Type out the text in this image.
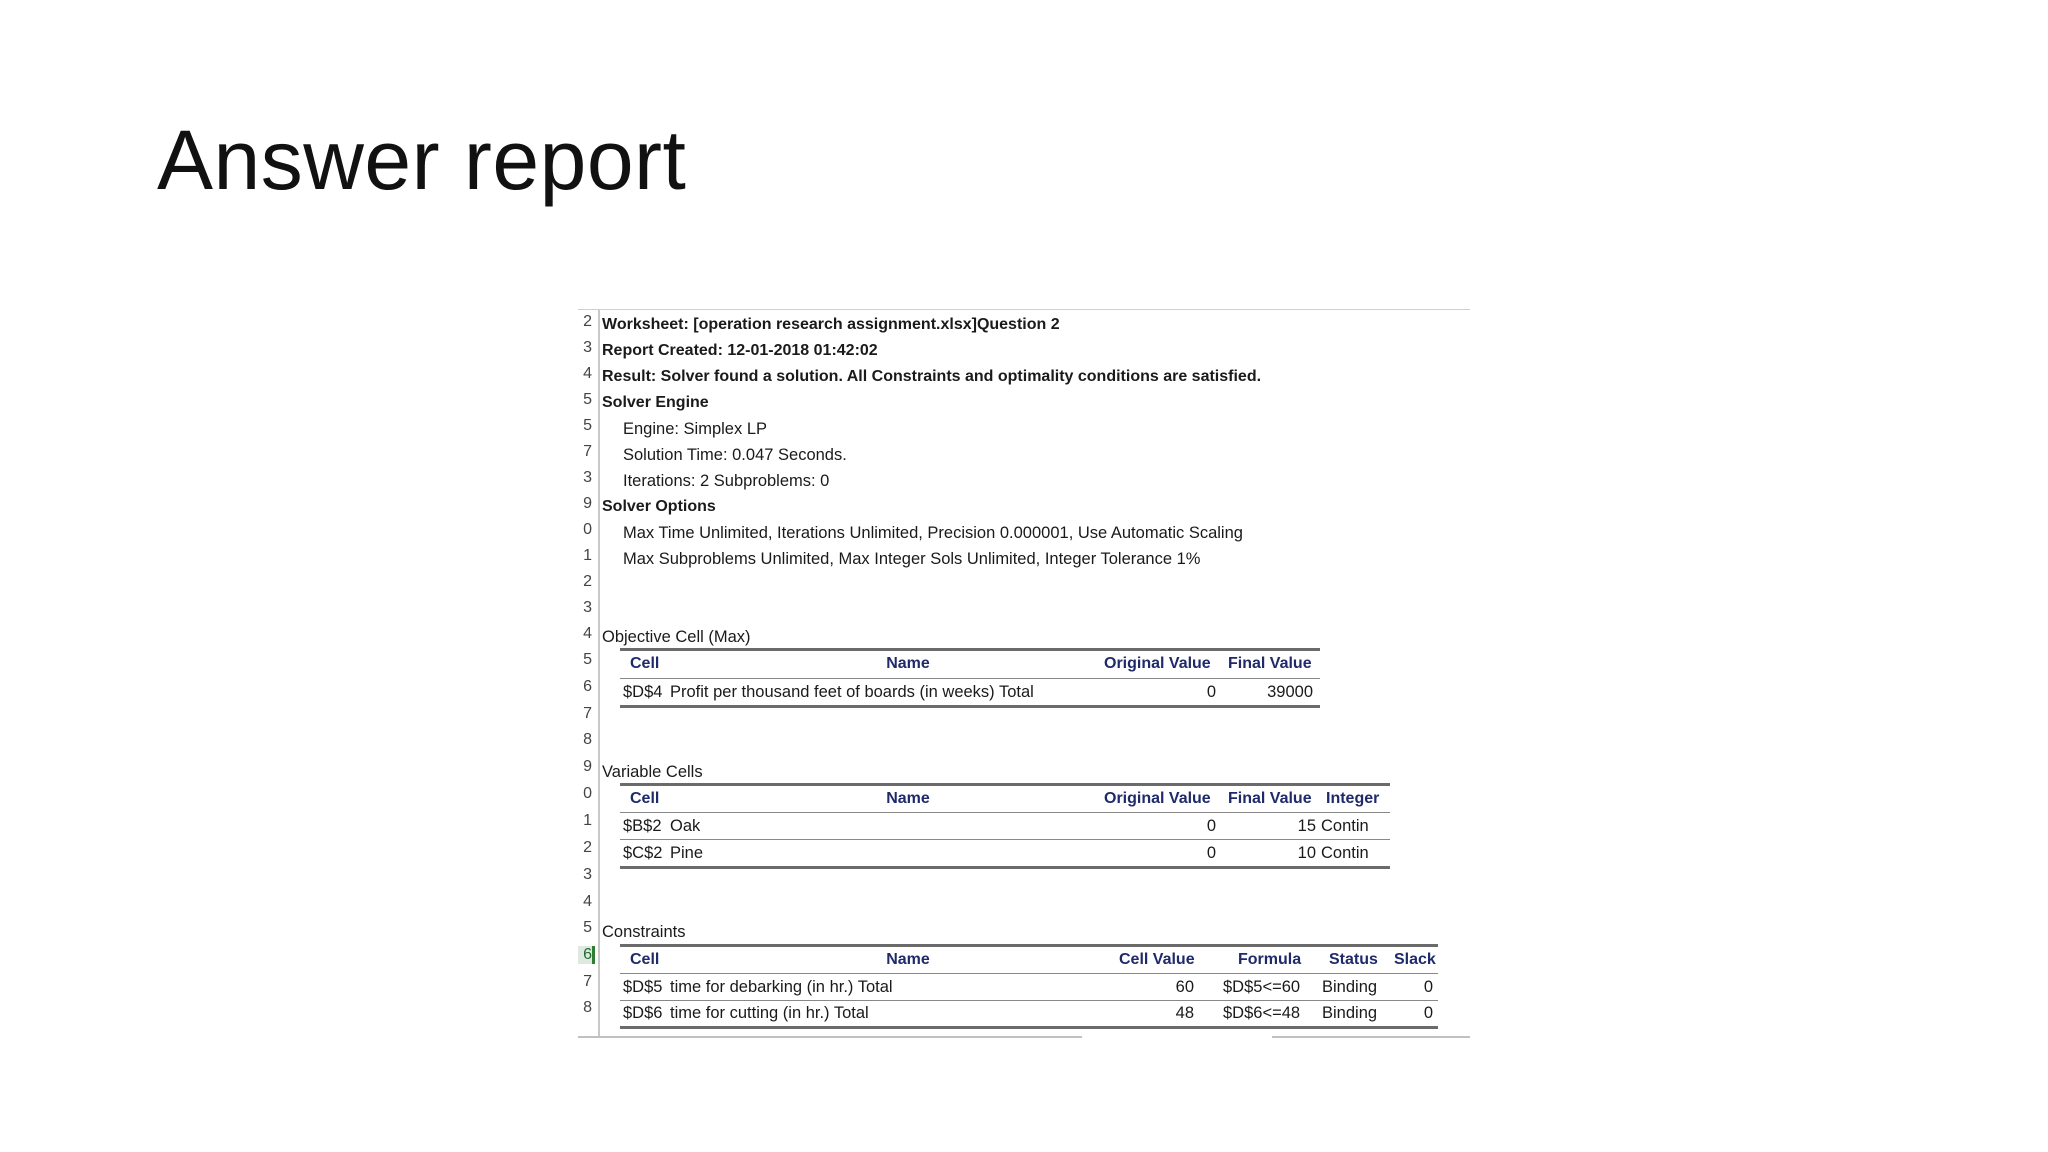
Answer report
2
3
4
5
5
7
3
9
0
1
2
3
4
5
6
7
8
9
0
1
2
3
4
5
6
7
8
Worksheet: [operation research assignment.xlsx]Question 2
Report Created: 12-01-2018 01:42:02
Result: Solver found a solution. All Constraints and optimality conditions are satisfied.
Solver Engine
Engine: Simplex LP
Solution Time: 0.047 Seconds.
Iterations: 2 Subproblems: 0
Solver Options
Max Time Unlimited, Iterations Unlimited, Precision 0.000001, Use Automatic Scaling
Max Subproblems Unlimited, Max Integer Sols Unlimited, Integer Tolerance 1%
Objective Cell (Max)
Cell	Name	Original Value	Final Value
$D$4 Profit per thousand feet of boards (in weeks) Total	0	39000
Variable Cells
Cell	Name	Original Value	Final Value Integer
$B$2 Oak	0	15 Contin
$C$2 Pine	0	10 Contin
Constraints
Cell	Name	Cell Value	Formula	Status	Slack
$D$5 time for debarking (in hr.) Total	60 $D$5<=60 Binding	0
$D$6 time for cutting (in hr.) Total	48 $D$6<=48 Binding	0
